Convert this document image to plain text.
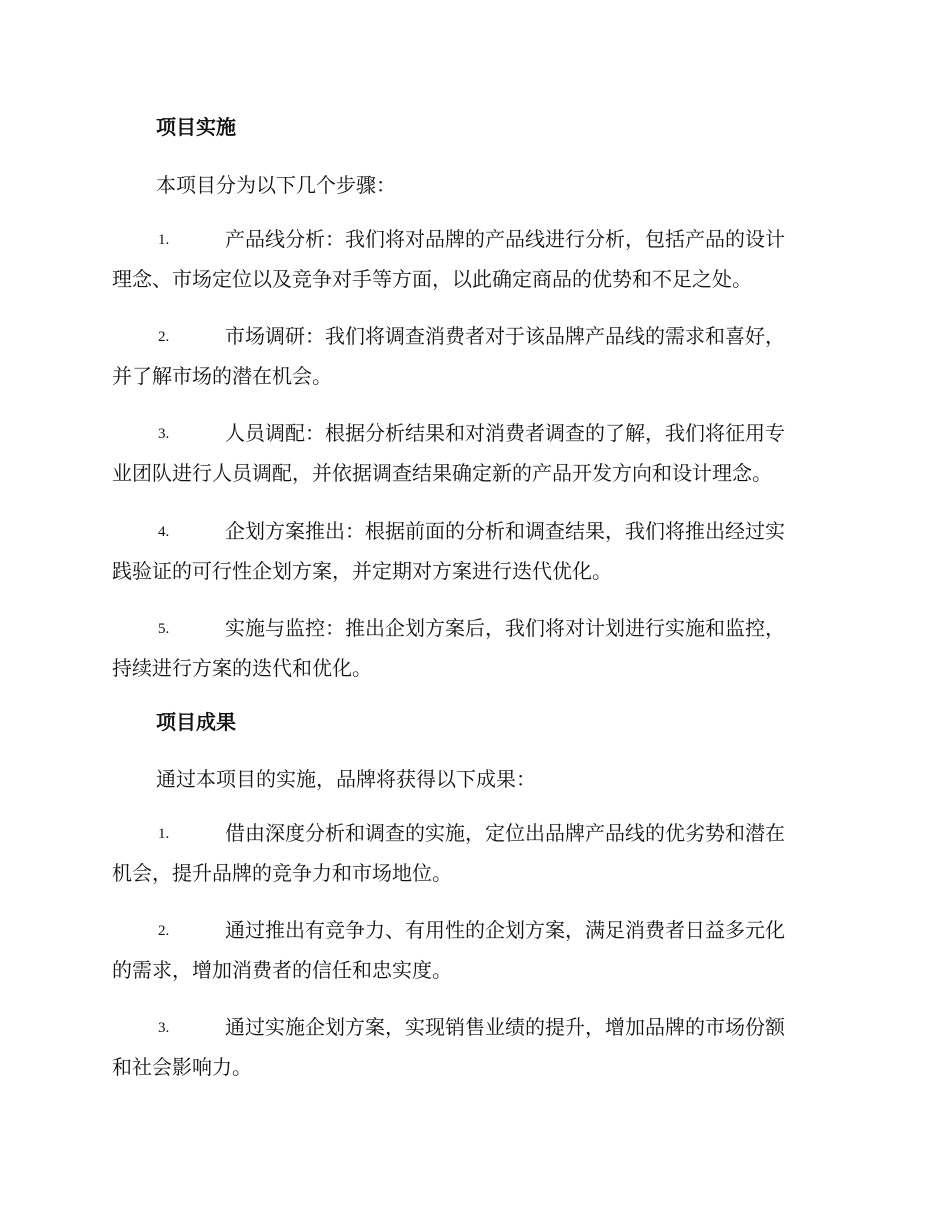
项目实施
本项目分为以下几个步骤：
1.	产品线分析：我们将对品牌的产品线进行分析，包括产品的设计
理念、市场定位以及竞争对手等方面，以此确定商品的优势和不足之处。
2.	市场调研：我们将调查消费者对于该品牌产品线的需求和喜好，
并了解市场的潜在机会。
3.	人员调配：根据分析结果和对消费者调查的了解，我们将征用专
业团队进行人员调配，并依据调查结果确定新的产品开发方向和设计理念。
4.	企划方案推出：根据前面的分析和调查结果，我们将推出经过实
践验证的可行性企划方案，并定期对方案进行迭代优化。
5.	实施与监控：推出企划方案后，我们将对计划进行实施和监控，
持续进行方案的迭代和优化。
项目成果
通过本项目的实施，品牌将获得以下成果：
1.	借由深度分析和调查的实施，定位出品牌产品线的优劣势和潜在
机会，提升品牌的竞争力和市场地位。
2.	通过推出有竞争力、有用性的企划方案，满足消费者日益多元化
的需求，增加消费者的信任和忠实度。
3.	通过实施企划方案，实现销售业绩的提升，增加品牌的市场份额
和社会影响力。
